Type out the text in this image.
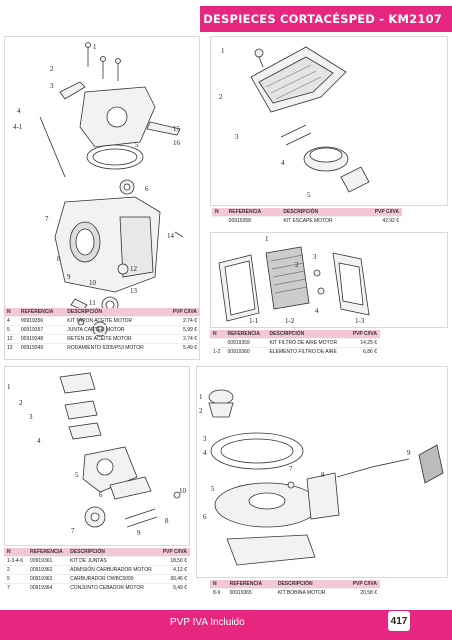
DESPIECES CORTACÉSPED - KM2107
1
2
3
4
4-1
5
6
7
8
9
10
11
12
13
14
15
16
N	REFERENCIA	DESCRIPCIÓN	PVP C/IVA
4	00919356	KIT TAPON ACEITE MOTOR	2,74 €
5	00919357	JUNTA CARTER MOTOR	5,99 €
12	00919348	RETÉN DE ACEITE MOTOR	2,74 €
13	00919349	RODAMIENTO 6205/P53 MOTOR	5,49 €
1
2
3
4
5
N	REFERENCIA	DESCRIPCIÓN	PVP C/IVA
	00919358	KIT ESCAPE MOTOR	42,92 €
1
2
3
4
1-1	1-2	1-3
N	REFERENCIA	DESCRIPCIÓN	PVP C/IVA
	00919359	KIT FILTRO DE AIRE MOTOR	14,25 €
1-2	00919360	ELEMENTO FILTRO DE AIRE	6,86 €
1
2
3
4
5
6
7
8
9
10
N	REFERENCIA	DESCRIPCIÓN	PVP C/IVA
1-3-4-6	00919361	KIT DE JUNTAS	18,50 €
2	00919362	ADMISIÓN CARBURADOR MOTOR	4,12 €
5	00919363	CARBURADOR DWBC5000	30,46 €
7	00919364	CONJUNTO CEBADOR MOTOR	5,49 €
1
2
3
4
5
6
7
8
9
N	REFERENCIA	DESCRIPCIÓN	PVP C/IVA
8-9	00919365	KIT BOBINA MOTOR	20,58 €
PVP IVA Incluido	417
